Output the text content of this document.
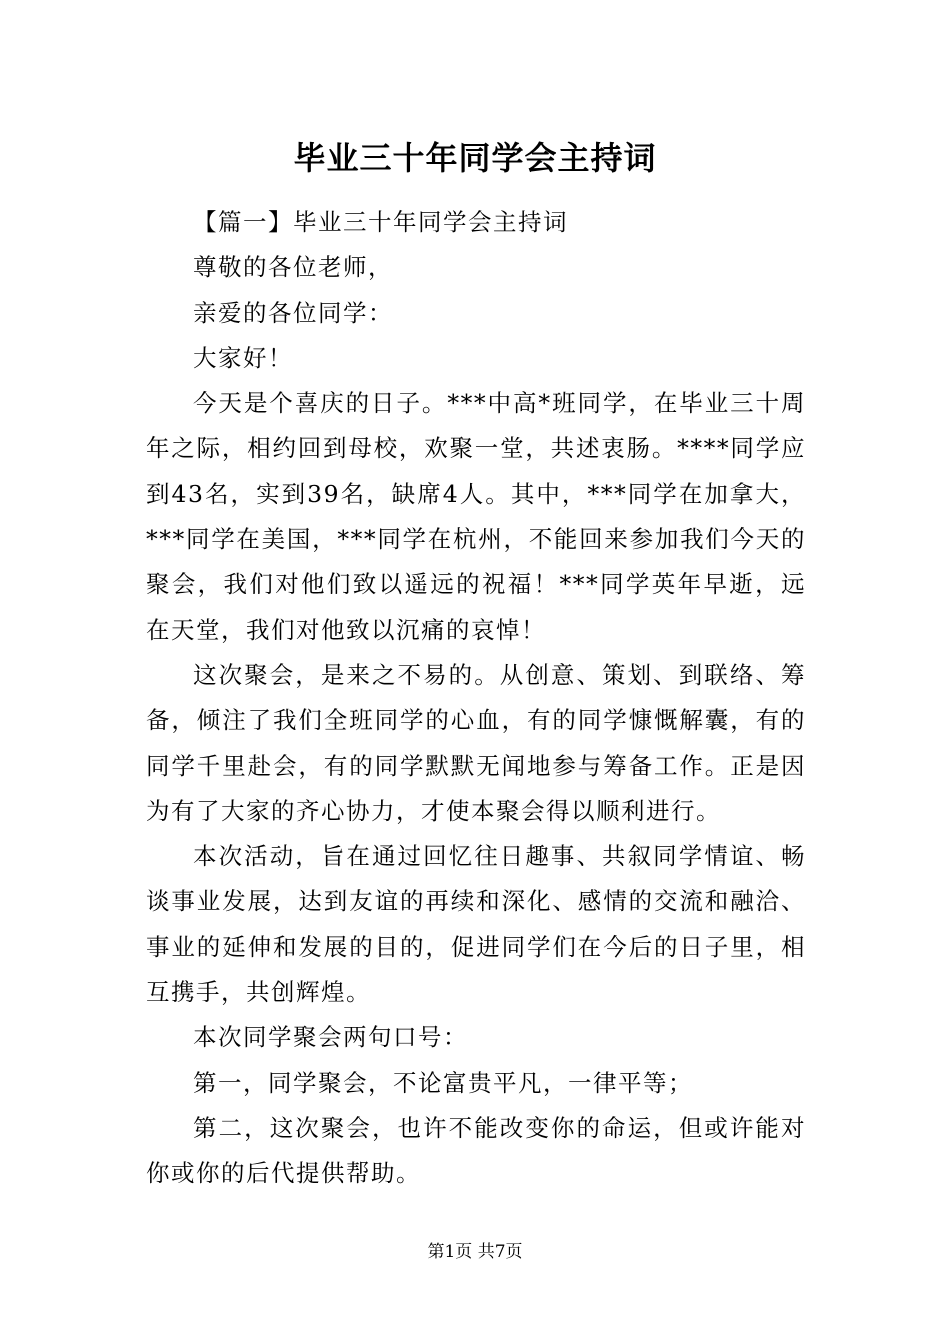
毕业三十年同学会主持词

【篇一】毕业三十年同学会主持词

尊敬的各位老师，

亲爱的各位同学：

大家好！

今天是个喜庆的日子。***中高*班同学，在毕业三十周年之际，相约回到母校，欢聚一堂，共述衷肠。****同学应到43名，实到39名，缺席4人。其中，***同学在加拿大，***同学在美国，***同学在杭州，不能回来参加我们今天的聚会，我们对他们致以遥远的祝福！***同学英年早逝，远在天堂，我们对他致以沉痛的哀悼！

这次聚会，是来之不易的。从创意、策划、到联络、筹备，倾注了我们全班同学的心血，有的同学慷慨解囊，有的同学千里赴会，有的同学默默无闻地参与筹备工作。正是因为有了大家的齐心协力，才使本聚会得以顺利进行。

本次活动，旨在通过回忆往日趣事、共叙同学情谊、畅谈事业发展，达到友谊的再续和深化、感情的交流和融洽、事业的延伸和发展的目的，促进同学们在今后的日子里，相互携手，共创辉煌。

本次同学聚会两句口号：

第一，同学聚会，不论富贵平凡，一律平等；

第二，这次聚会，也许不能改变你的命运，但或许能对你或你的后代提供帮助。

第1页 共7页
